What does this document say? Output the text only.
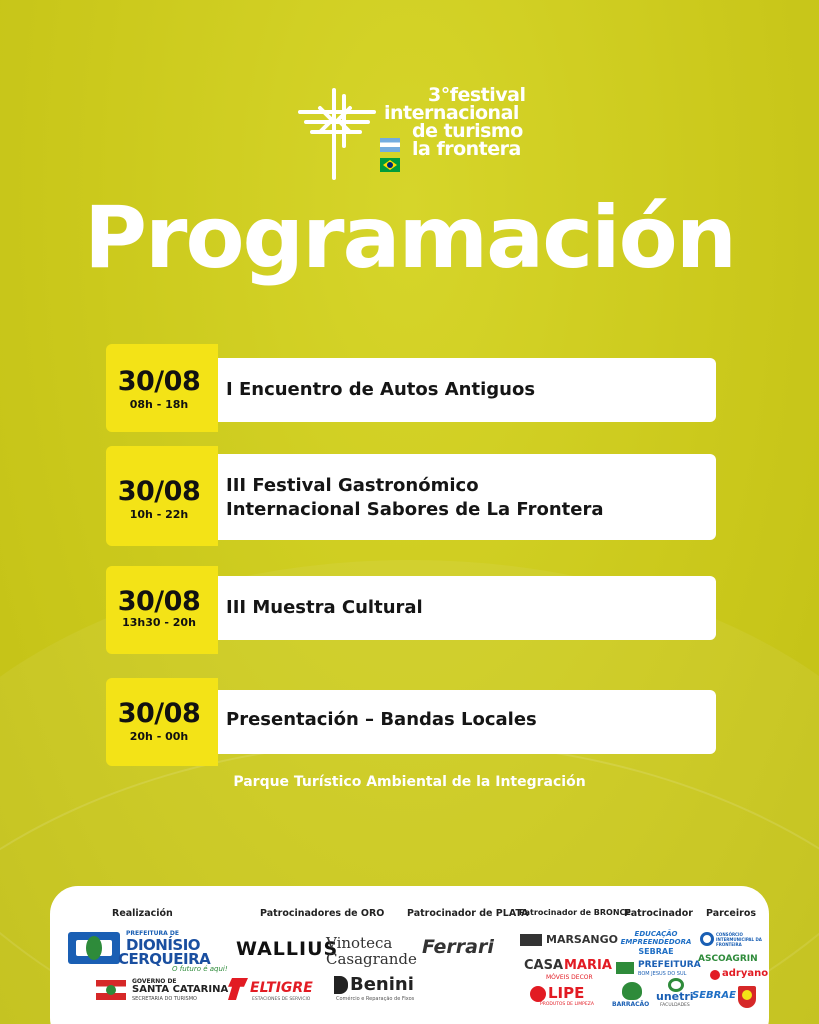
3°festival
internacional
de turismo
la frontera
Programación
30/08
08h - 18h
I Encuentro de Autos Antiguos
30/08
10h - 22h
III Festival Gastronómico
Internacional Sabores de La Frontera
30/08
13h30 - 20h
III Muestra Cultural
30/08
20h - 00h
Presentación – Bandas Locales
Parque Turístico Ambiental de la Integración
Realización	Patrocinadores de ORO Patrocinador de PLATA
Patrocinador de BRONCE
Patrocinador Parceiros
PREFEITURA DE
DIONÍSIO
CERQUEIRA
O futuro é aqui!
GOVERNO DE
SANTA CATARINA
SECRETARIA DO TURISMO
WALLIUS
Vinoteca
Casagrande
ELTIGRE
ESTACIONES DE SERVICIO
Benini
Comércio e Reparação de Fixos
Ferrari	MARSANGO
CASA MARIA
MÓVEIS DECOR
LIPE
PRODUTOS DE LIMPEZA
EDUCAÇÃO
EMPREENDEDORA
SEBRAE
PREFEITURA
BOM JESUS DO SUL
BARRACÃO
unetri
FACULDADES
CONSÓRCIO INTERMUNICIPAL DA FRONTEIRA
ASCOAGRIN
adryano
SEBRAE
